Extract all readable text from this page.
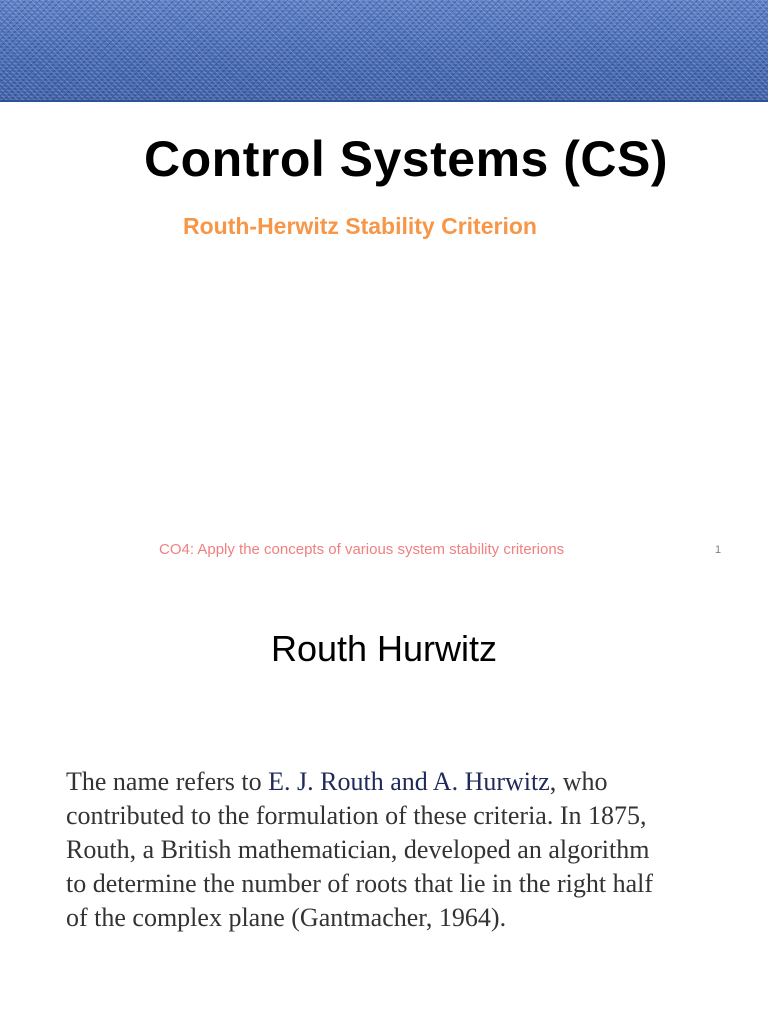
Control Systems (CS)
Routh-Herwitz Stability Criterion
CO4: Apply the concepts of various system stability criterions	1
Routh Hurwitz
The name refers to E. J. Routh and A. Hurwitz, who
contributed to the formulation of these criteria. In 1875,
Routh, a British mathematician, developed an algorithm
to determine the number of roots that lie in the right half
of the complex plane (Gantmacher, 1964).
